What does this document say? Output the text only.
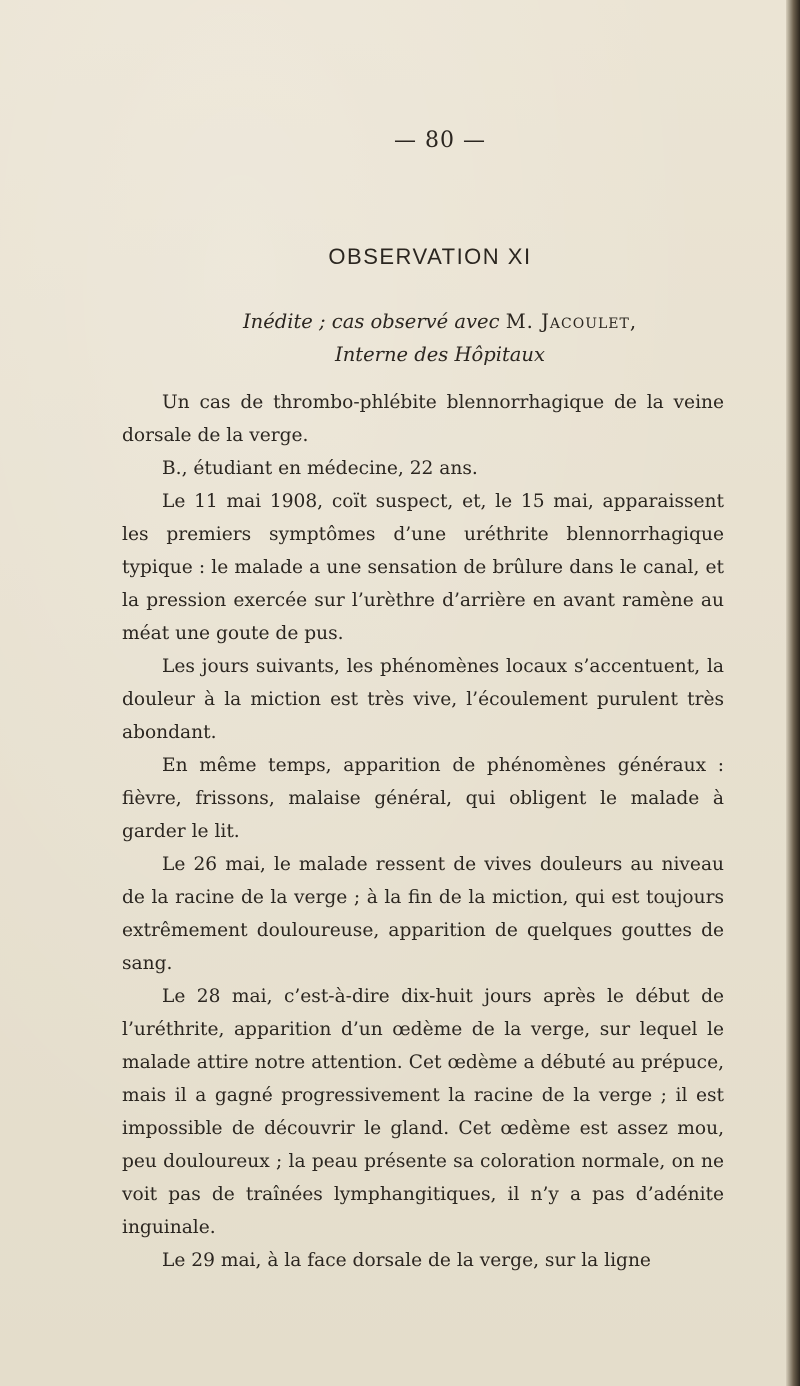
— 80 —
OBSERVATION XI
Inédite ; cas observé avec M. Jacoulet,
Interne des Hôpitaux

Un cas de thrombo-phlébite blennorrhagique de la veine dorsale de la verge.

B., étudiant en médecine, 22 ans.

Le 11 mai 1908, coït suspect, et, le 15 mai, apparaissent les premiers symptômes d’une uréthrite blennorrhagique typique : le malade a une sensation de brûlure dans le canal, et la pression exercée sur l’urèthre d’arrière en avant ramène au méat une goute de pus.

Les jours suivants, les phénomènes locaux s’accentuent, la douleur à la miction est très vive, l’écoulement purulent très abondant.

En même temps, apparition de phénomènes généraux : fièvre, frissons, malaise général, qui obligent le malade à garder le lit.

Le 26 mai, le malade ressent de vives douleurs au niveau de la racine de la verge ; à la fin de la miction, qui est toujours extrêmement douloureuse, apparition de quelques gouttes de sang.

Le 28 mai, c’est-à-dire dix-huit jours après le début de l’uréthrite, apparition d’un œdème de la verge, sur lequel le malade attire notre attention. Cet œdème a débuté au prépuce, mais il a gagné progressivement la racine de la verge ; il est impossible de découvrir le gland. Cet œdème est assez mou, peu douloureux ; la peau présente sa coloration normale, on ne voit pas de traînées lymphangitiques, il n’y a pas d’adénite inguinale.

Le 29 mai, à la face dorsale de la verge, sur la ligne
